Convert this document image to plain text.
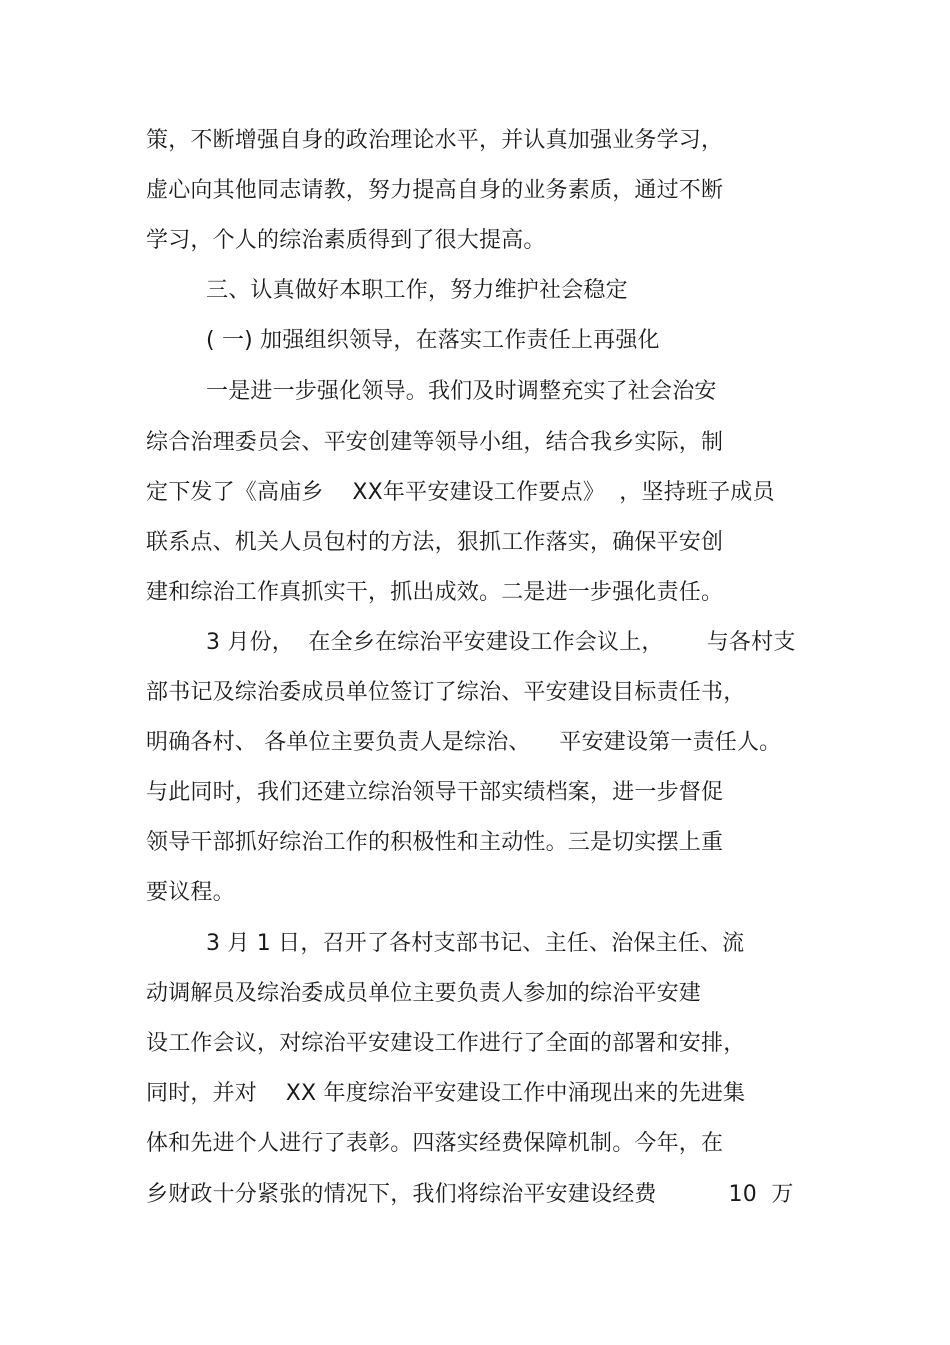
策，不断增强自身的政治理论水平，并认真加强业务学习，
虚心向其他同志请教，努力提高自身的业务素质，通过不断
学习，个人的综治素质得到了很大提高。
三、认真做好本职工作，努力维护社会稳定
( 一) 加强组织领导，在落实工作责任上再强化
一是进一步强化领导。我们及时调整充实了社会治安
综合治理委员会、平安创建等领导小组，结合我乡实际，制
定下发了《高庙乡    XX年平安建设工作要点》  ，坚持班子成员
联系点、机关人员包村的方法，狠抓工作落实，确保平安创
建和综治工作真抓实干，抓出成效。二是进一步强化责任。
3 月份，  在全乡在综治平安建设工作会议上，      与各村支
部书记及综治委成员单位签订了综治、平安建设目标责任书，
明确各村、 各单位主要负责人是综治、    平安建设第一责任人。
与此同时，我们还建立综治领导干部实绩档案，进一步督促
领导干部抓好综治工作的积极性和主动性。三是切实摆上重
要议程。
3 月 1 日，召开了各村支部书记、主任、治保主任、流
动调解员及综治委成员单位主要负责人参加的综治平安建
设工作会议，对综治平安建设工作进行了全面的部署和安排，
同时，并对    XX 年度综治平安建设工作中涌现出来的先进集
体和先进个人进行了表彰。四落实经费保障机制。今年，在
乡财政十分紧张的情况下，我们将综治平安建设经费          10  万
